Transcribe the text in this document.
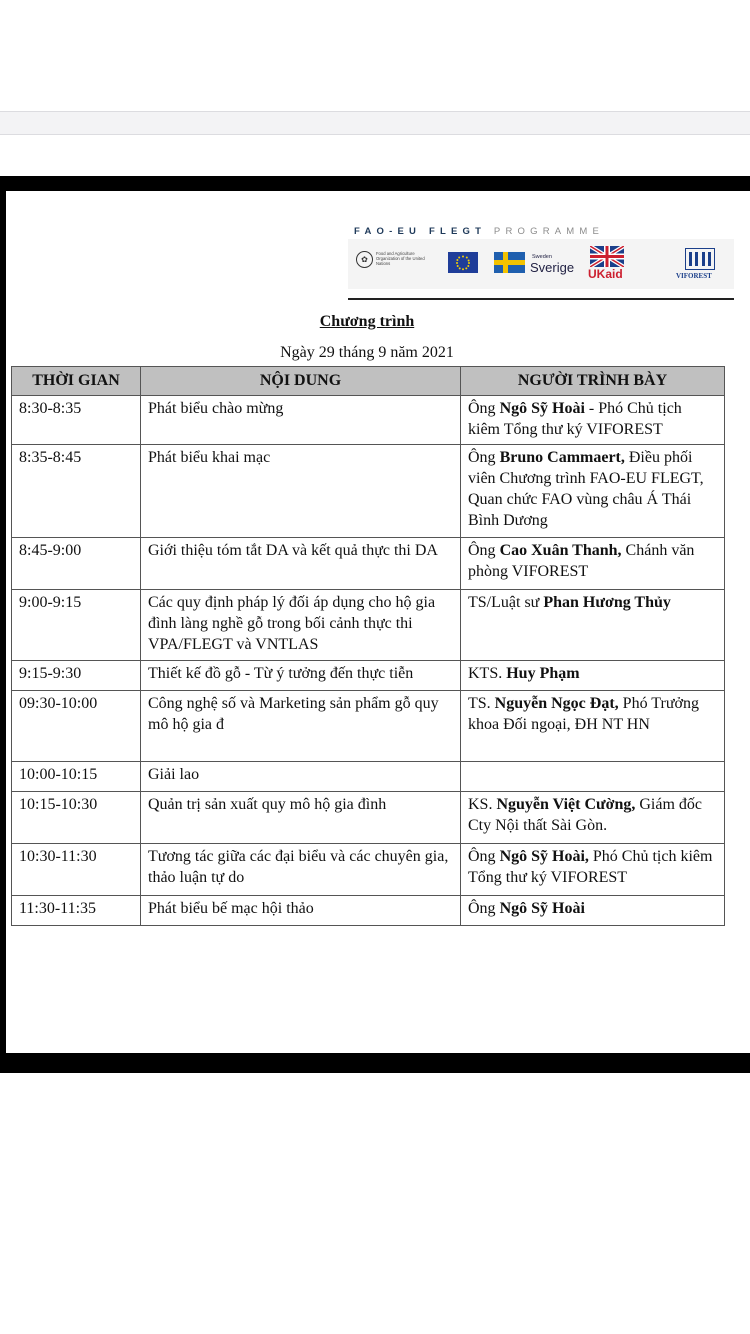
FAO-EU FLEGT PROGRAMME
✿
Food and Agriculture Organization of the United Nations
Sweden
Sverige UKaid	VIFOREST
Chương trình
Ngày 29 tháng 9 năm 2021
THỜI GIAN	NỘI DUNG	NGƯỜI TRÌNH BÀY
8:30-8:35	Phát biểu chào mừng	Ông Ngô Sỹ Hoài - Phó Chủ tịch kiêm Tổng thư ký VIFOREST
8:35-8:45	Phát biểu khai mạc	Ông Bruno Cammaert, Điều phối viên Chương trình FAO-EU FLEGT, Quan chức FAO vùng châu Á Thái Bình Dương
8:45-9:00	Giới thiệu tóm tắt DA và kết quả thực thi DA	Ông Cao Xuân Thanh, Chánh văn phòng VIFOREST
9:00-9:15	Các quy định pháp lý đối áp dụng cho hộ gia đình làng nghề gỗ trong bối cảnh thực thi VPA/FLEGT và VNTLAS	TS/Luật sư Phan Hương Thủy
9:15-9:30	Thiết kế đồ gỗ - Từ ý tưởng đến thực tiễn	KTS. Huy Phạm
09:30-10:00	Công nghệ số và Marketing sản phẩm gỗ quy mô hộ gia đ	TS. Nguyễn Ngọc Đạt, Phó Trưởng khoa Đối ngoại, ĐH NT HN
10:00-10:15	Giải lao	
10:15-10:30	Quản trị sản xuất quy mô hộ gia đình	KS. Nguyễn Việt Cường, Giám đốc Cty Nội thất Sài Gòn.
10:30-11:30	Tương tác giữa các đại biểu và các chuyên gia, thảo luận tự do	Ông Ngô Sỹ Hoài, Phó Chủ tịch kiêm Tổng thư ký VIFOREST
11:30-11:35	Phát biểu bế mạc hội thảo	Ông Ngô Sỹ Hoài
